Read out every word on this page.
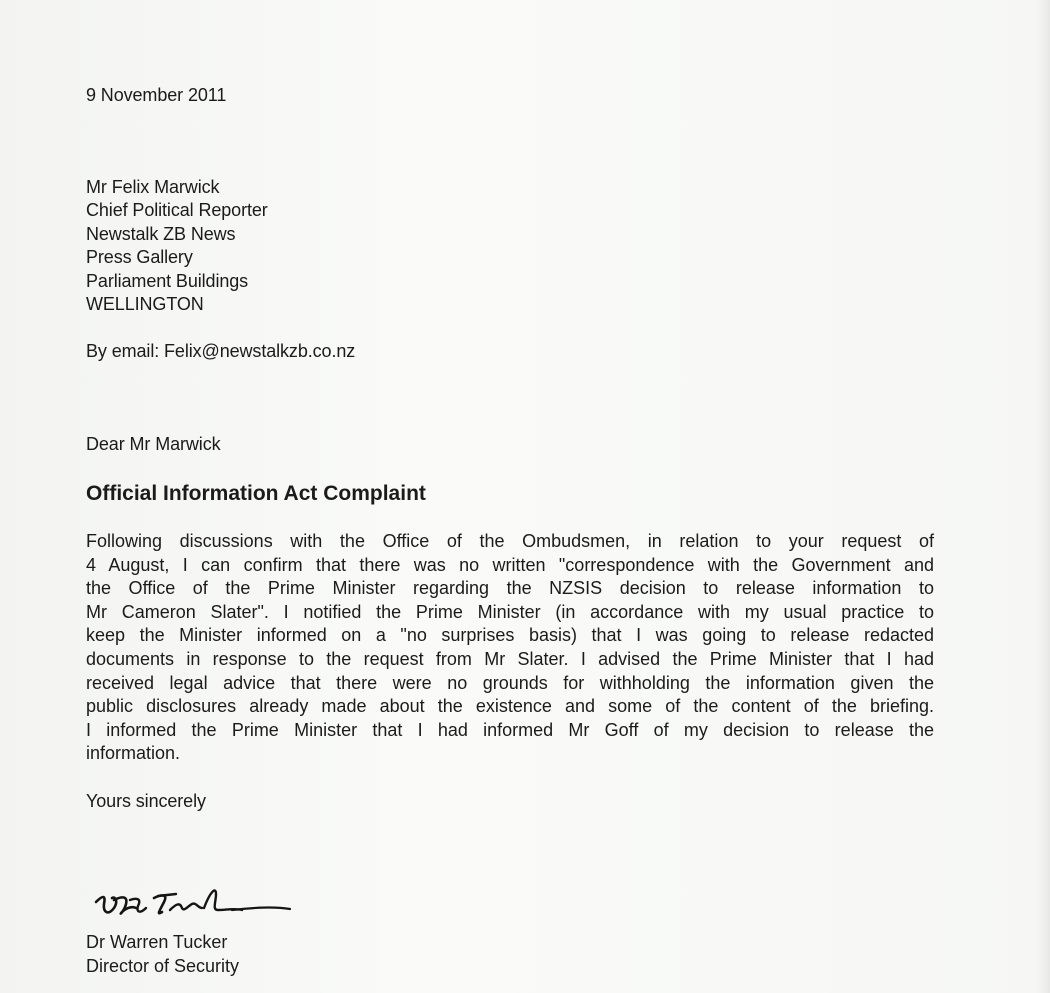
9 November 2011
Mr Felix Marwick
Chief Political Reporter
Newstalk ZB News
Press Gallery
Parliament Buildings
WELLINGTON
By email: Felix@newstalkzb.co.nz
Dear Mr Marwick
Official Information Act Complaint
Following discussions with the Office of the Ombudsmen, in relation to your request of
4 August, I can confirm that there was no written "correspondence with the Government and
the Office of the Prime Minister regarding the NZSIS decision to release information to
Mr Cameron Slater". I notified the Prime Minister (in accordance with my usual practice to
keep the Minister informed on a "no surprises basis) that I was going to release redacted
documents in response to the request from Mr Slater. I advised the Prime Minister that I had
received legal advice that there were no grounds for withholding the information given the
public disclosures already made about the existence and some of the content of the briefing.
I informed the Prime Minister that I had informed Mr Goff of my decision to release the
information.
Yours sincerely
Dr Warren Tucker
Director of Security
